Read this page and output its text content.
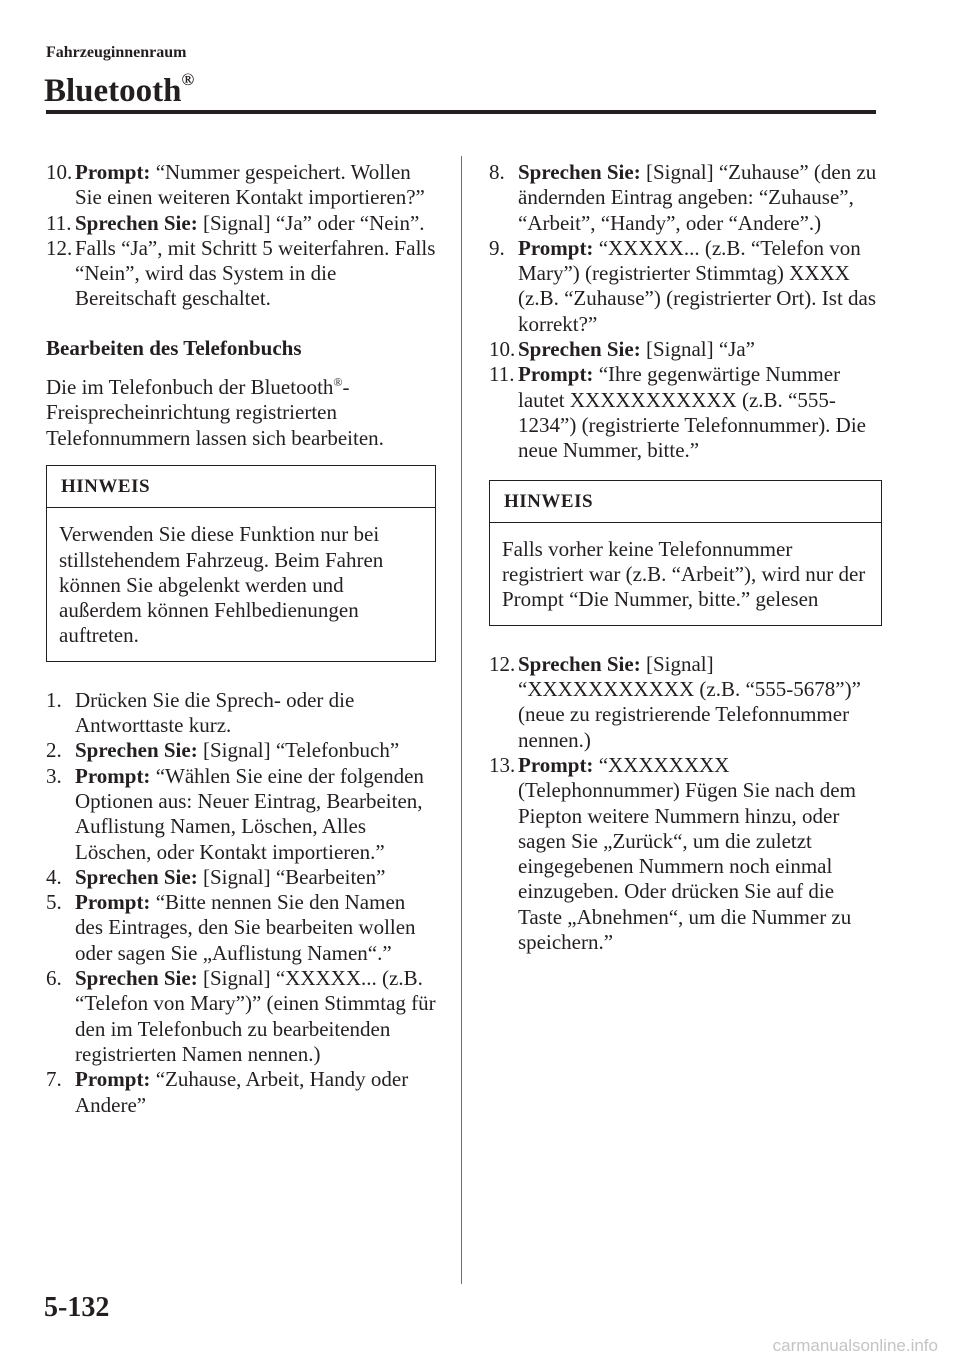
Fahrzeuginnenraum
Bluetooth®
10. Prompt: “Nummer gespeichert. Wollen Sie einen weiteren Kontakt importieren?”
11. Sprechen Sie: [Signal] “Ja” oder “Nein”.
12. Falls “Ja”, mit Schritt 5 weiterfahren. Falls “Nein”, wird das System in die Bereitschaft geschaltet.
Bearbeiten des Telefonbuchs
Die im Telefonbuch der Bluetooth®-Freisprecheinrichtung registrierten Telefonnummern lassen sich bearbeiten.
HINWEIS
Verwenden Sie diese Funktion nur bei stillstehendem Fahrzeug. Beim Fahren können Sie abgelenkt werden und außerdem können Fehlbedienungen auftreten.
1. Drücken Sie die Sprech- oder die Antworttaste kurz.
2. Sprechen Sie: [Signal] “Telefonbuch”
3. Prompt: “Wählen Sie eine der folgenden Optionen aus: Neuer Eintrag, Bearbeiten, Auflistung Namen, Löschen, Alles Löschen, oder Kontakt importieren.”
4. Sprechen Sie: [Signal] “Bearbeiten”
5. Prompt: “Bitte nennen Sie den Namen des Eintrages, den Sie bearbeiten wollen oder sagen Sie „Auflistung Namen“.”
6. Sprechen Sie: [Signal] “XXXXX... (z.B. “Telefon von Mary”)” (einen Stimmtag für den im Telefonbuch zu bearbeitenden registrierten Namen nennen.)
7. Prompt: “Zuhause, Arbeit, Handy oder Andere”
8. Sprechen Sie: [Signal] “Zuhause” (den zu ändernden Eintrag angeben: “Zuhause”, “Arbeit”, “Handy”, oder “Andere”.)
9. Prompt: “XXXXX... (z.B. “Telefon von Mary”) (registrierter Stimmtag) XXXX (z.B. “Zuhause”) (registrierter Ort). Ist das korrekt?”
10. Sprechen Sie: [Signal] “Ja”
11. Prompt: “Ihre gegenwärtige Nummer lautet XXXXXXXXXXX (z.B. “555-1234”) (registrierte Telefonnummer). Die neue Nummer, bitte.”
HINWEIS
Falls vorher keine Telefonnummer registriert war (z.B. “Arbeit”), wird nur der Prompt “Die Nummer, bitte.” gelesen
12. Sprechen Sie: [Signal] “XXXXXXXXXXX (z.B. “555-5678”)” (neue zu registrierende Telefonnummer nennen.)
13. Prompt: “XXXXXXXX (Telephonnummer) Fügen Sie nach dem Piepton weitere Nummern hinzu, oder sagen Sie „Zurück“, um die zuletzt eingegebenen Nummern noch einmal einzugeben. Oder drücken Sie auf die Taste „Abnehmen“, um die Nummer zu speichern.”
5-132
carmanualsonline.info
